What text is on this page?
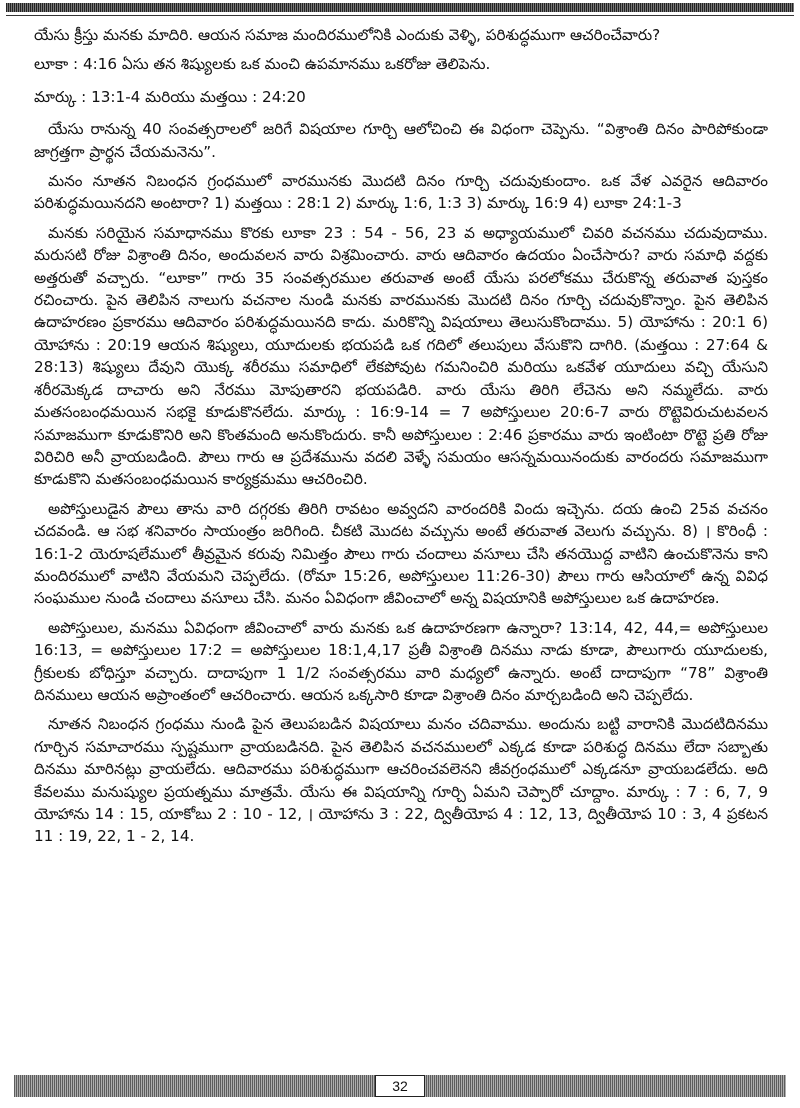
యేసు క్రీస్తు మనకు మాదిరి. ఆయన సమాజ మందిరములోనికి ఎందుకు వెళ్ళి, పరిశుద్ధముగా ఆచరించేవారు?

లూకా : 4:16 ఏసు తన శిష్యులకు ఒక మంచి ఉపమానము ఒకరోజు తెలిపెను.
మార్కు : 13:1-4 మరియు మత్తయి : 24:20

యేసు రానున్న 40 సంవత్సరాలలో జరిగే విషయాల గూర్చి ఆలోచించి ఈ విధంగా చెప్పెను. “విశ్రాంతి దినం పారిపోకుండా జాగ్రత్తగా ప్రార్థన చేయమనెను”.

మనం నూతన నిబంధన గ్రంధములో వారమునకు మొదటి దినం గూర్చి చదువుకుందాం. ఒక వేళ ఎవరైన ఆదివారం పరిశుద్ధమయినదని అంటారా? 1) మత్తయి : 28:1 2) మార్కు 1:6, 1:3 3) మార్కు 16:9 4) లూకా 24:1-3

మనకు సరియైన సమాధానము కొరకు లూకా 23 : 54 - 56, 23 వ అధ్యాయములో చివరి వచనము చదువుదాము. మరుసటి రోజు విశ్రాంతి దినం, అందువలన వారు విశ్రమించారు. వారు ఆదివారం ఉదయం ఏంచేసారు? వారు సమాధి వద్దకు అత్తరుతో వచ్చారు. “లూకా” గారు 35 సంవత్సరముల తరువాత అంటే యేసు పరలోకము చేరుకొన్న తరువాత పుస్తకం రచించారు. పైన తెలిపిన నాలుగు వచనాల నుండి మనకు వారమునకు మొదటి దినం గూర్చి చదువుకొన్నాం. పైన తెలిపిన ఉదాహరణం ప్రకారము ఆదివారం పరిశుద్ధమయినది కాదు. మరికొన్ని విషయాలు తెలుసుకొందాము. 5) యోహాను : 20:1 6) యోహాను : 20:19 ఆయన శిష్యులు, యూదులకు భయపడి ఒక గదిలో తలుపులు వేసుకొని దాగిరి. (మత్తయి : 27:64 & 28:13) శిష్యులు దేవుని యొక్క శరీరము సమాధిలో లేకపోవుట గమనించిరి మరియు ఒకవేళ యూదులు వచ్చి యేసుని శరీరమెక్కడ దాచారు అని నేరము మోపుతారని భయపడిరి. వారు యేసు తిరిగి లేచెను అని నమ్మలేదు. వారు మతసంబంధమయిన సభకై కూడుకొనలేదు. మార్కు : 16:9-14 = 7 అపోస్తులుల 20:6-7 వారు రొట్టెవిరుచుటవలన సమాజముగా కూడుకొనిరి అని కొంతమంది అనుకొందురు. కానీ అపోస్తులుల : 2:46 ప్రకారము వారు ఇంటింటా రొట్టె ప్రతి రోజు విరిచిరి అనీ వ్రాయబడింది. పౌలు గారు ఆ ప్రదేశమును వదలి వెళ్ళే సమయం ఆసన్నమయినందుకు వారందరు సమాజముగా కూడుకొని మతసంబంధమయిన కార్యక్రమము ఆచరించిరి.

అపోస్తులుడైన పౌలు తాను వారి దగ్గరకు తిరిగి రావటం అవ్వదని వారందరికి విందు ఇచ్చెను. దయ ఉంచి 25వ వచనం చదవండి. ఆ సభ శనివారం సాయంత్రం జరిగింది. చీకటి మొదట వచ్చును అంటే తరువాత వెలుగు వచ్చును. 8) । కొరింధీ : 16:1-2 యెరూషలేములో తీవ్రమైన కరువు నిమిత్తం పౌలు గారు చందాలు వసూలు చేసి తనయొద్ద వాటిని ఉంచుకొనెను కాని మందిరములో వాటిని వేయమని చెప్పలేదు. (రోమా 15:26, అపోస్తులుల 11:26-30) పౌలు గారు ఆసియాలో ఉన్న వివిధ సంఘముల నుండి చందాలు వసూలు చేసి. మనం ఏవిధంగా జీవించాలో అన్న విషయానికి అపోస్తులుల ఒక ఉదాహరణ.

అపోస్తులుల, మనము ఏవిధంగా జీవించాలో వారు మనకు ఒక ఉదాహరణగా ఉన్నారా? 13:14, 42, 44,= అపోస్తులుల 16:13, = అపోస్తులుల 17:2 = అపోస్తులుల 18:1,4,17 ప్రతీ విశ్రాంతి దినము నాడు కూడా, పౌలుగారు యూదులకు, గ్రీకులకు బోధిస్తూ వచ్చారు. దాదాపుగా 1 1/2 సంవత్సరము వారి మధ్యలో ఉన్నారు. అంటే దాదాపుగా “78” విశ్రాంతి దినములు ఆయన అప్రాంతంలో ఆచరించారు. ఆయన ఒక్కసారి కూడా విశ్రాంతి దినం మార్చబడింది అని చెప్పలేదు.

నూతన నిబంధన గ్రంధము నుండి పైన తెలుపబడిన విషయాలు మనం చదివాము. అందును బట్టి వారానికి మొదటిదినము గూర్చిన సమాచారము స్పష్టముగా వ్రాయబడినది. పైన తెలిపిన వచనములలో ఎక్కడ కూడా పరిశుద్ధ దినము లేదా సబ్బాతు దినము మారినట్లు వ్రాయలేదు. ఆదివారము పరిశుద్ధముగా ఆచరించవలెనని జీవగ్రంధములో ఎక్కడనూ వ్రాయబడలేదు. అది కేవలము మనుష్యుల ప్రయత్నము మాత్రమే. యేసు ఈ విషయాన్ని గూర్చి ఏమని చెప్పారో చూద్దాం. మార్కు : 7 : 6, 7, 9 యోహాను 14 : 15, యాకోబు 2 : 10 - 12, । యోహాను 3 : 22, ద్వితీయోప 4 : 12, 13, ద్వితీయోప 10 : 3, 4 ప్రకటన 11 : 19, 22, 1 - 2, 14.

32
